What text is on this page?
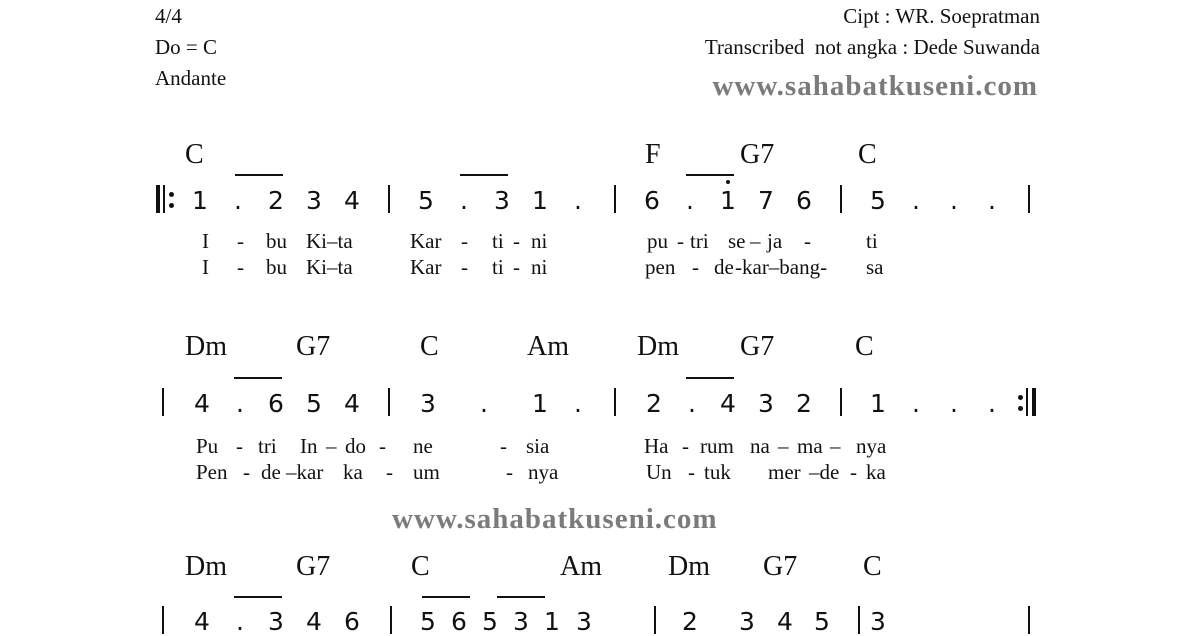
4/4
Do = C
Andante
Cipt : WR. Soepratman
Transcribed  not angka : Dede Suwanda
www.sahabatkuseni.com
C	F	G7	C
1	.	2 3 4 5	.	3 1	.	6	.	1 7 6 5	.	.	.
I - bu Ki–ta	Kar - ti - ni	pu - tri se – ja -	ti
I - bu Ki–ta	Kar - ti - ni	pen - de -kar–bang- sa
Dm G7	C	Am Dm G7	C
4	. 6 5 4 3	.	1	.	2	. 4 3 2 1	.	.	.
Pu - tri In – do - ne	- sia	Ha - rum na – ma – nya
Pen - de –kar ka - um	- nya	Un - tuk mer –de - ka
www.sahabatkuseni.com
Dm G7	C	Am Dm G7 C
4	. 3 4 6 5 6 5 3 1 3	2 3 4 5 3
